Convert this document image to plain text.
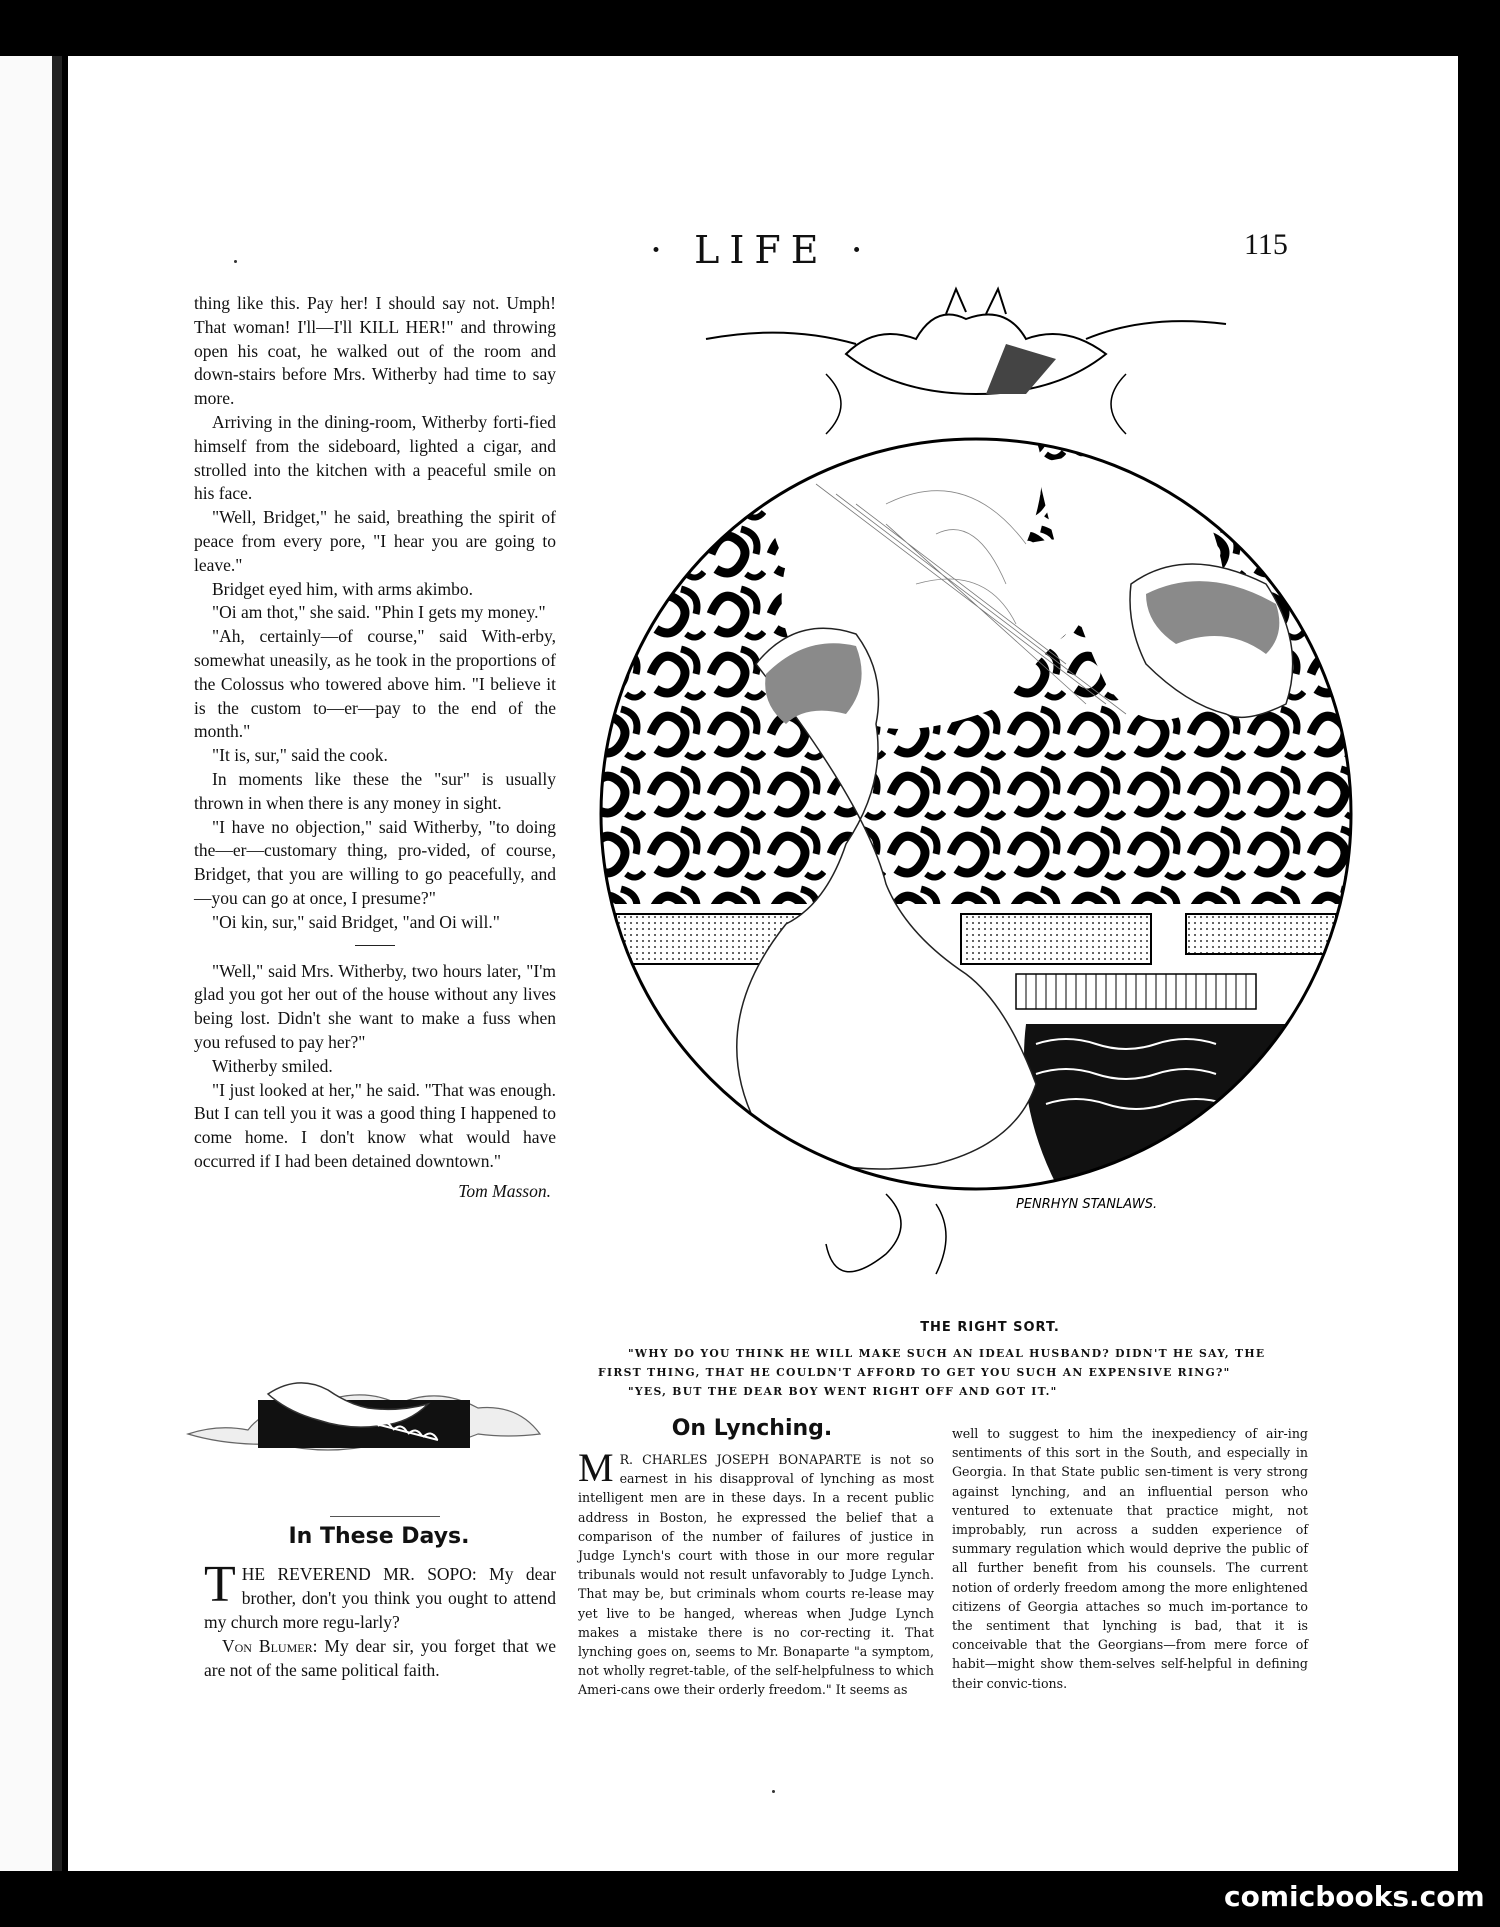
· LIFE ·	115

thing like this. Pay her! I should say not. Umph! That woman! I'll—I'll KILL HER!" and throwing open his coat, he walked out of the room and down-stairs before Mrs. Witherby had time to say more.

Arriving in the dining-room, Witherby forti-fied himself from the sideboard, lighted a cigar, and strolled into the kitchen with a peaceful smile on his face.

"Well, Bridget," he said, breathing the spirit of peace from every pore, "I hear you are going to leave."

Bridget eyed him, with arms akimbo.

"Oi am thot," she said. "Phin I gets my money."

"Ah, certainly—of course," said With-erby, somewhat uneasily, as he took in the proportions of the Colossus who towered above him. "I believe it is the custom to—er—pay to the end of the month."

"It is, sur," said the cook.

In moments like these the "sur" is usually thrown in when there is any money in sight.

"I have no objection," said Witherby, "to doing the—er—customary thing, pro-vided, of course, Bridget, that you are willing to go peacefully, and—you can go at once, I presume?"

"Oi kin, sur," said Bridget, "and Oi will."

"Well," said Mrs. Witherby, two hours later, "I'm glad you got her out of the house without any lives being lost. Didn't she want to make a fuss when you refused to pay her?"

Witherby smiled.

"I just looked at her," he said. "That was enough. But I can tell you it was a good thing I happened to come home. I don't know what would have occurred if I had been detained downtown."

Tom Masson.
In These Days.

THE REVEREND MR. SOPO: My dear brother, don't you think you ought to attend my church more regu-larly?

Von Blumer: My dear sir, you forget that we are not of the same political faith.

PENRHYN STANLAWS.
THE RIGHT SORT.

"WHY DO YOU THINK HE WILL MAKE SUCH AN IDEAL HUSBAND? DIDN'T HE SAY, THE

FIRST THING, THAT HE COULDN'T AFFORD TO GET YOU SUCH AN EXPENSIVE RING?"

"YES, BUT THE DEAR BOY WENT RIGHT OFF AND GOT IT."

On Lynching.

M R. CHARLES JOSEPH BONAPARTE is not so earnest in his disapproval of lynching as most intelligent men are in these days. In a recent public address in Boston, he expressed the belief that a comparison of the number of failures of justice in Judge Lynch's court with those in our more regular tribunals would not result unfavorably to Judge Lynch. That may be, but criminals whom courts re-lease may yet live to be hanged, whereas when Judge Lynch makes a mistake there is no cor-recting it. That lynching goes on, seems to Mr. Bonaparte "a symptom, not wholly regret-table, of the self-helpfulness to which Ameri-cans owe their orderly freedom." It seems as

well to suggest to him the inexpediency of air-ing sentiments of this sort in the South, and especially in Georgia. In that State public sen-timent is very strong against lynching, and an influential person who ventured to extenuate that practice might, not improbably, run across a sudden experience of summary regulation which would deprive the public of all further benefit from his counsels. The current notion of orderly freedom among the more enlightened citizens of Georgia attaches so much im-portance to the sentiment that lynching is bad, that it is conceivable that the Georgians—from mere force of habit—might show them-selves self-helpful in defining their convic-tions.

comicbooks.com
